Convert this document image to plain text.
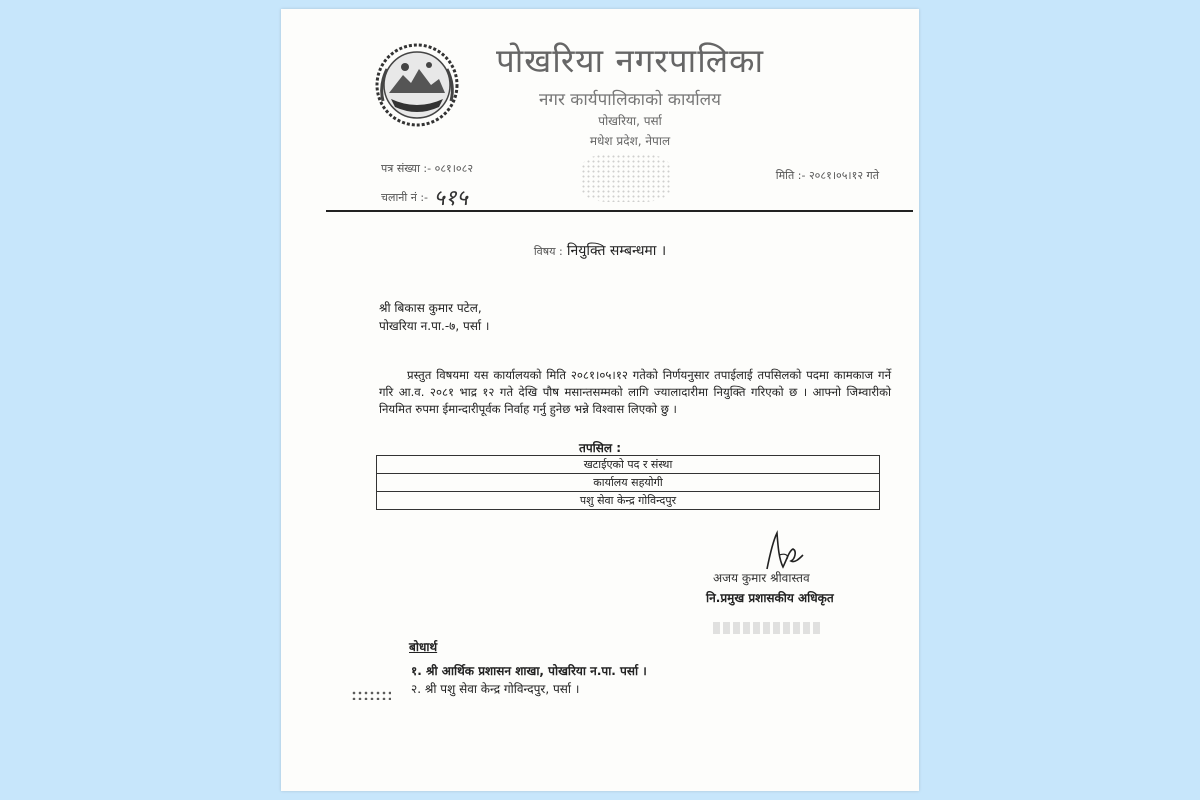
पोखरिया नगरपालिका
नगर कार्यपालिकाको कार्यालय
पोखरिया, पर्सा
मधेश प्रदेश, नेपाल
पत्र संख्या :- ०८१।०८२
चलानी नं :- ५१५
मिति :- २०८१।०५।१२ गते
विषय : नियुक्ति सम्बन्धमा ।
श्री बिकास कुमार पटेल,
पोखरिया न.पा.-७, पर्सा ।
प्रस्तुत विषयमा यस कार्यालयको मिति २०८१।०५।१२ गतेको निर्णयनुसार तपाईलाई तपसिलको पदमा कामकाज गर्ने गरि आ.व. २०८१ भाद्र १२ गते देखि पौष मसान्तसम्मको लागि ज्यालादारीमा नियुक्ति गरिएको छ । आफ्नो जिम्वारीको नियमित रुपमा ईमान्दारीपूर्वक निर्वाह गर्नु हुनेछ भन्ने विश्वास लिएको छु ।
तपसिल :
खटाईएको पद र संस्था
कार्यालय सहयोगी
पशु सेवा केन्द्र गोविन्दपुर
अजय कुमार श्रीवास्तव
नि.प्रमुख प्रशासकीय अधिकृत
बोधार्थ
१. श्री आर्थिक प्रशासन शाखा, पोखरिया न.पा. पर्सा ।
२. श्री पशु सेवा केन्द्र गोविन्दपुर, पर्सा ।
